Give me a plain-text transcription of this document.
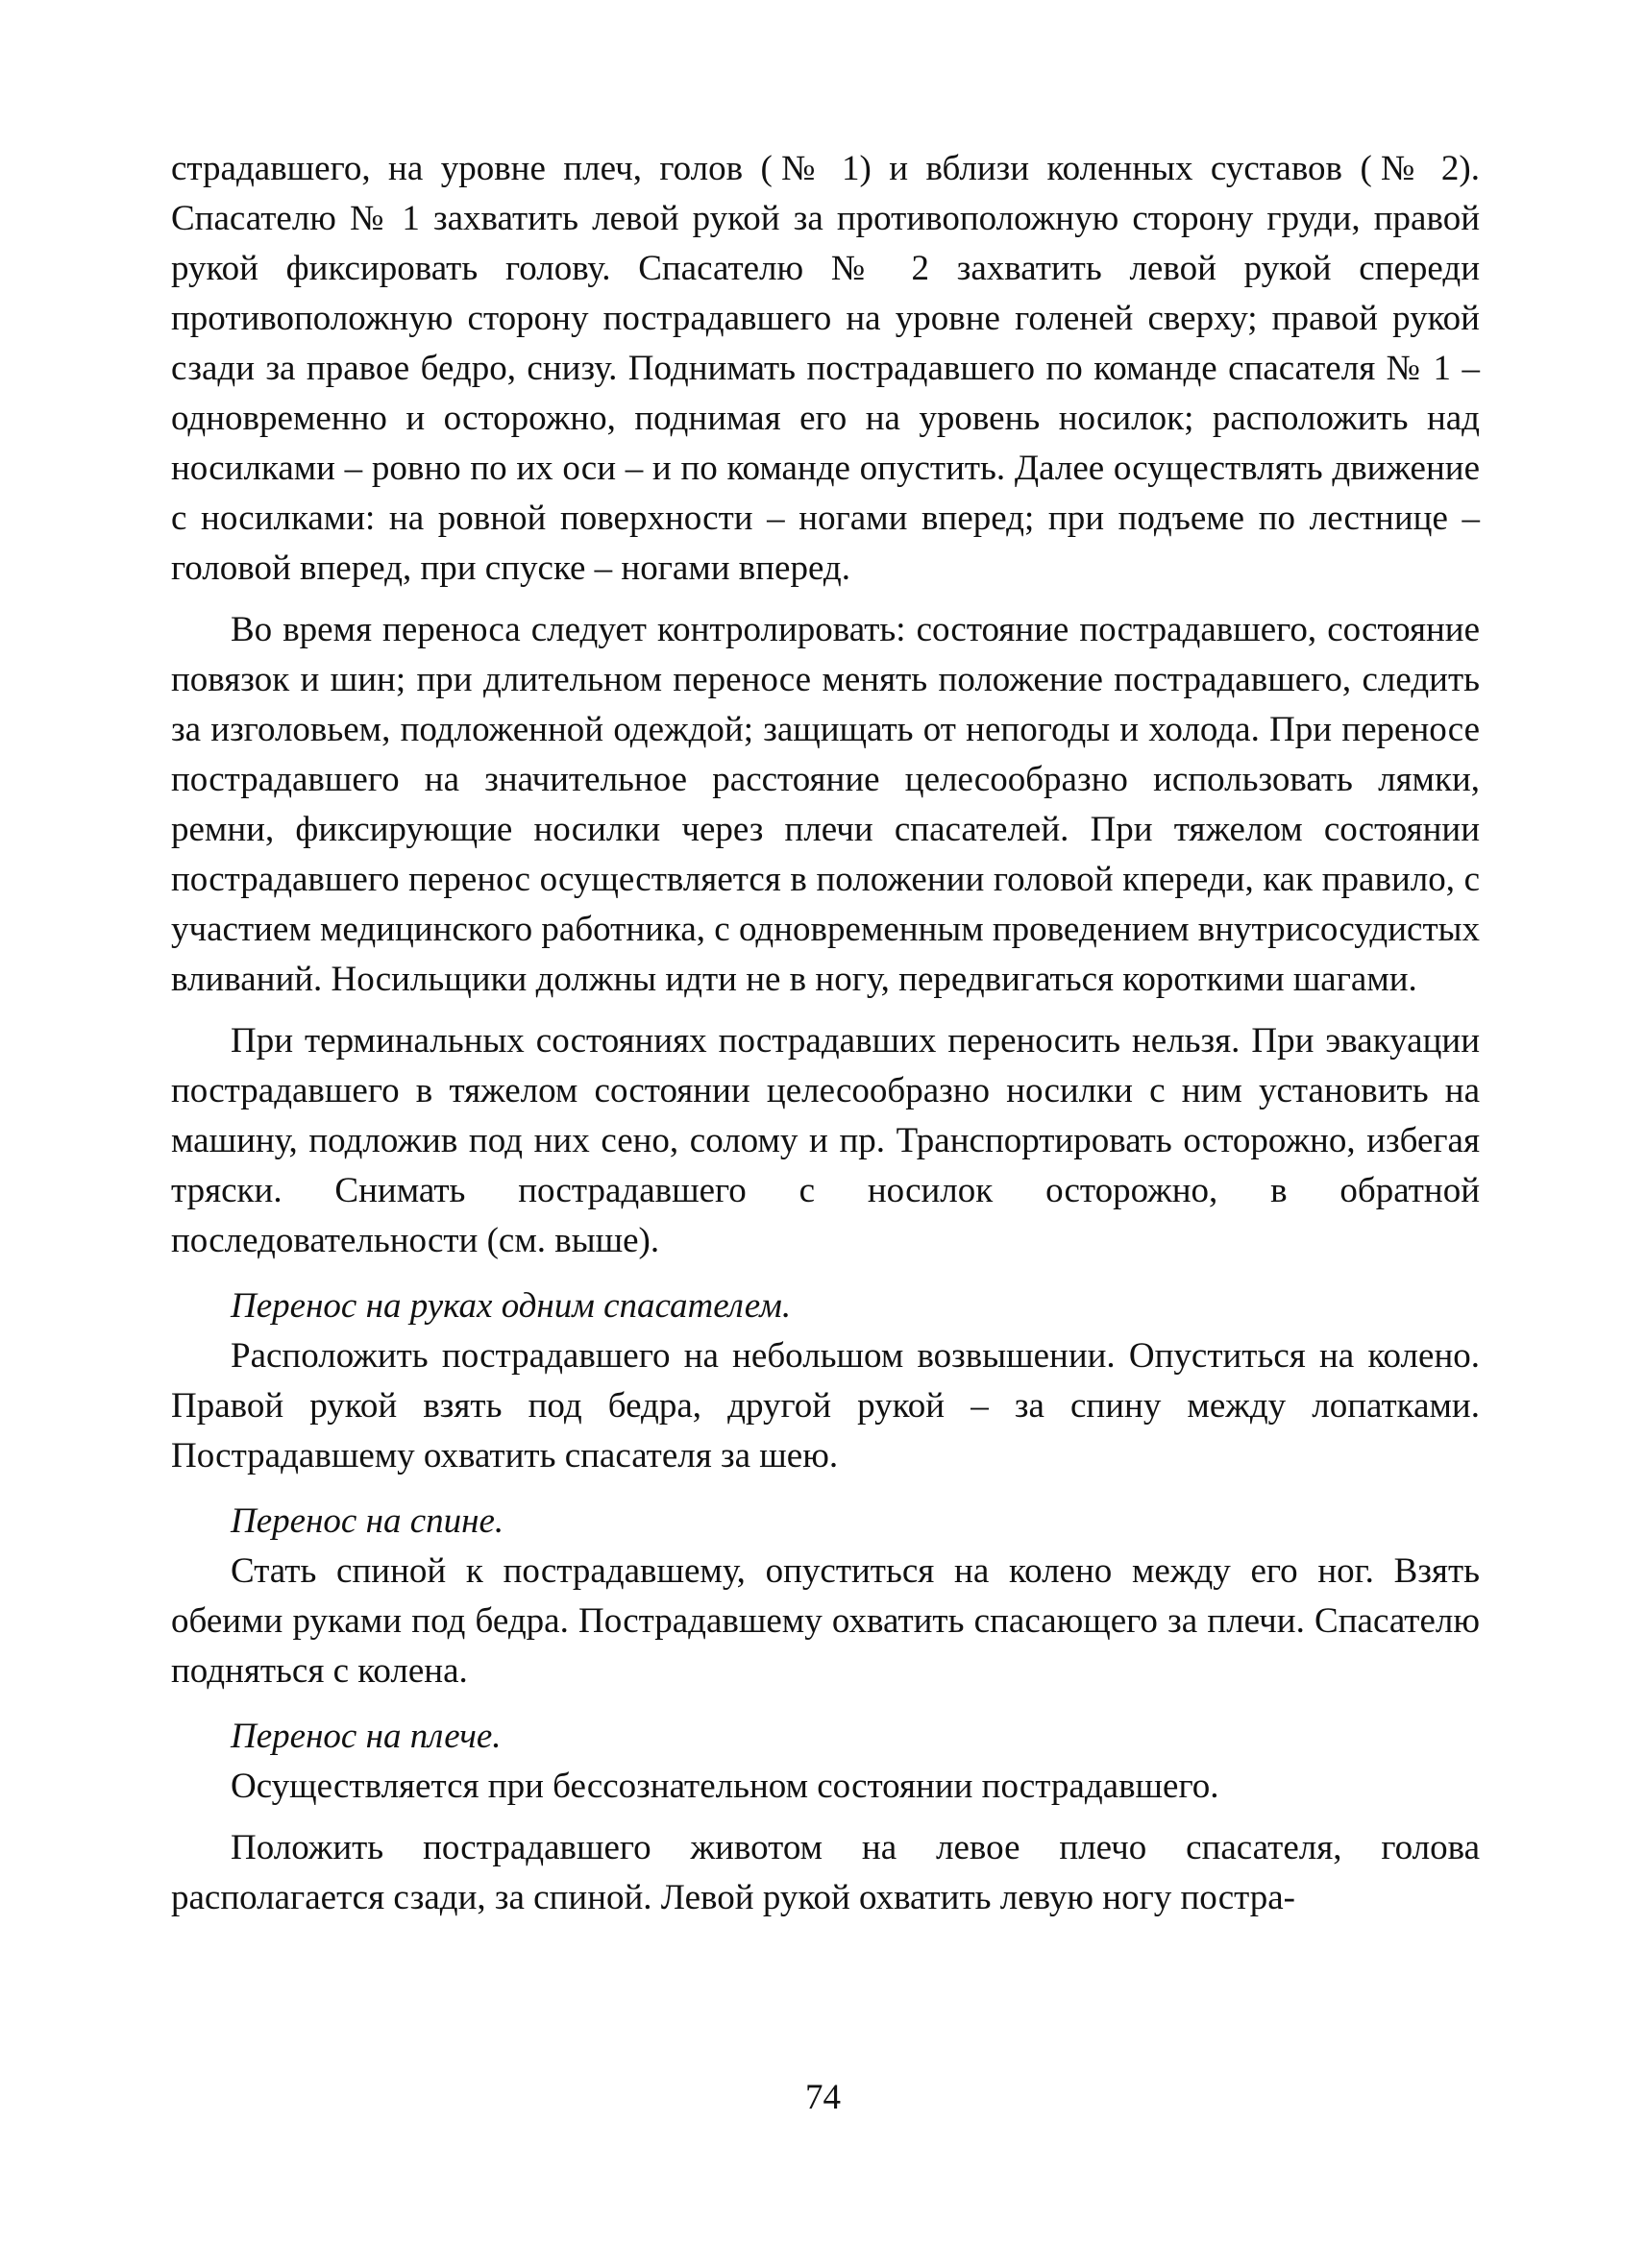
страдавшего, на уровне плеч, голов (№ 1) и вблизи коленных суставов (№ 2). Спасателю № 1 захватить левой рукой за противоположную сторону груди, правой рукой фиксировать голову. Спасателю № 2 захватить левой рукой спереди противоположную сторону пострадавшего на уровне голеней сверху; правой рукой сзади за правое бедро, снизу. Поднимать пострадавшего по команде спасателя № 1 – одновременно и осторожно, поднимая его на уровень носилок; расположить над носилками – ровно по их оси – и по команде опустить. Далее осуществлять движение с носилками: на ровной поверхности – ногами вперед; при подъеме по лестнице – головой вперед, при спуске – ногами вперед.

Во время переноса следует контролировать: состояние пострадавшего, состояние повязок и шин; при длительном переносе менять положение пострадавшего, следить за изголовьем, подложенной одеждой; защищать от непогоды и холода. При переносе пострадавшего на значительное расстояние целесообразно использовать лямки, ремни, фиксирующие носилки через плечи спасателей. При тяжелом состоянии пострадавшего перенос осуществляется в положении головой кпереди, как правило, с участием медицинского работника, с одновременным проведением внутрисосудистых вливаний. Носильщики должны идти не в ногу, передвигаться короткими шагами.

При терминальных состояниях пострадавших переносить нельзя. При эвакуации пострадавшего в тяжелом состоянии целесообразно носилки с ним установить на машину, подложив под них сено, солому и пр. Транспортировать осторожно, избегая тряски. Снимать пострадавшего с носилок осторожно, в обратной последовательности (см. выше).

Перенос на руках одним спасателем.

Расположить пострадавшего на небольшом возвышении. Опуститься на колено. Правой рукой взять под бедра, другой рукой – за спину между лопатками. Пострадавшему охватить спасателя за шею.

Перенос на спине.

Стать спиной к пострадавшему, опуститься на колено между его ног. Взять обеими руками под бедра. Пострадавшему охватить спасающего за плечи. Спасателю подняться с колена.

Перенос на плече.

Осуществляется при бессознательном состоянии пострадавшего.

Положить пострадавшего животом на левое плечо спасателя, голова располагается сзади, за спиной. Левой рукой охватить левую ногу постра-

74
